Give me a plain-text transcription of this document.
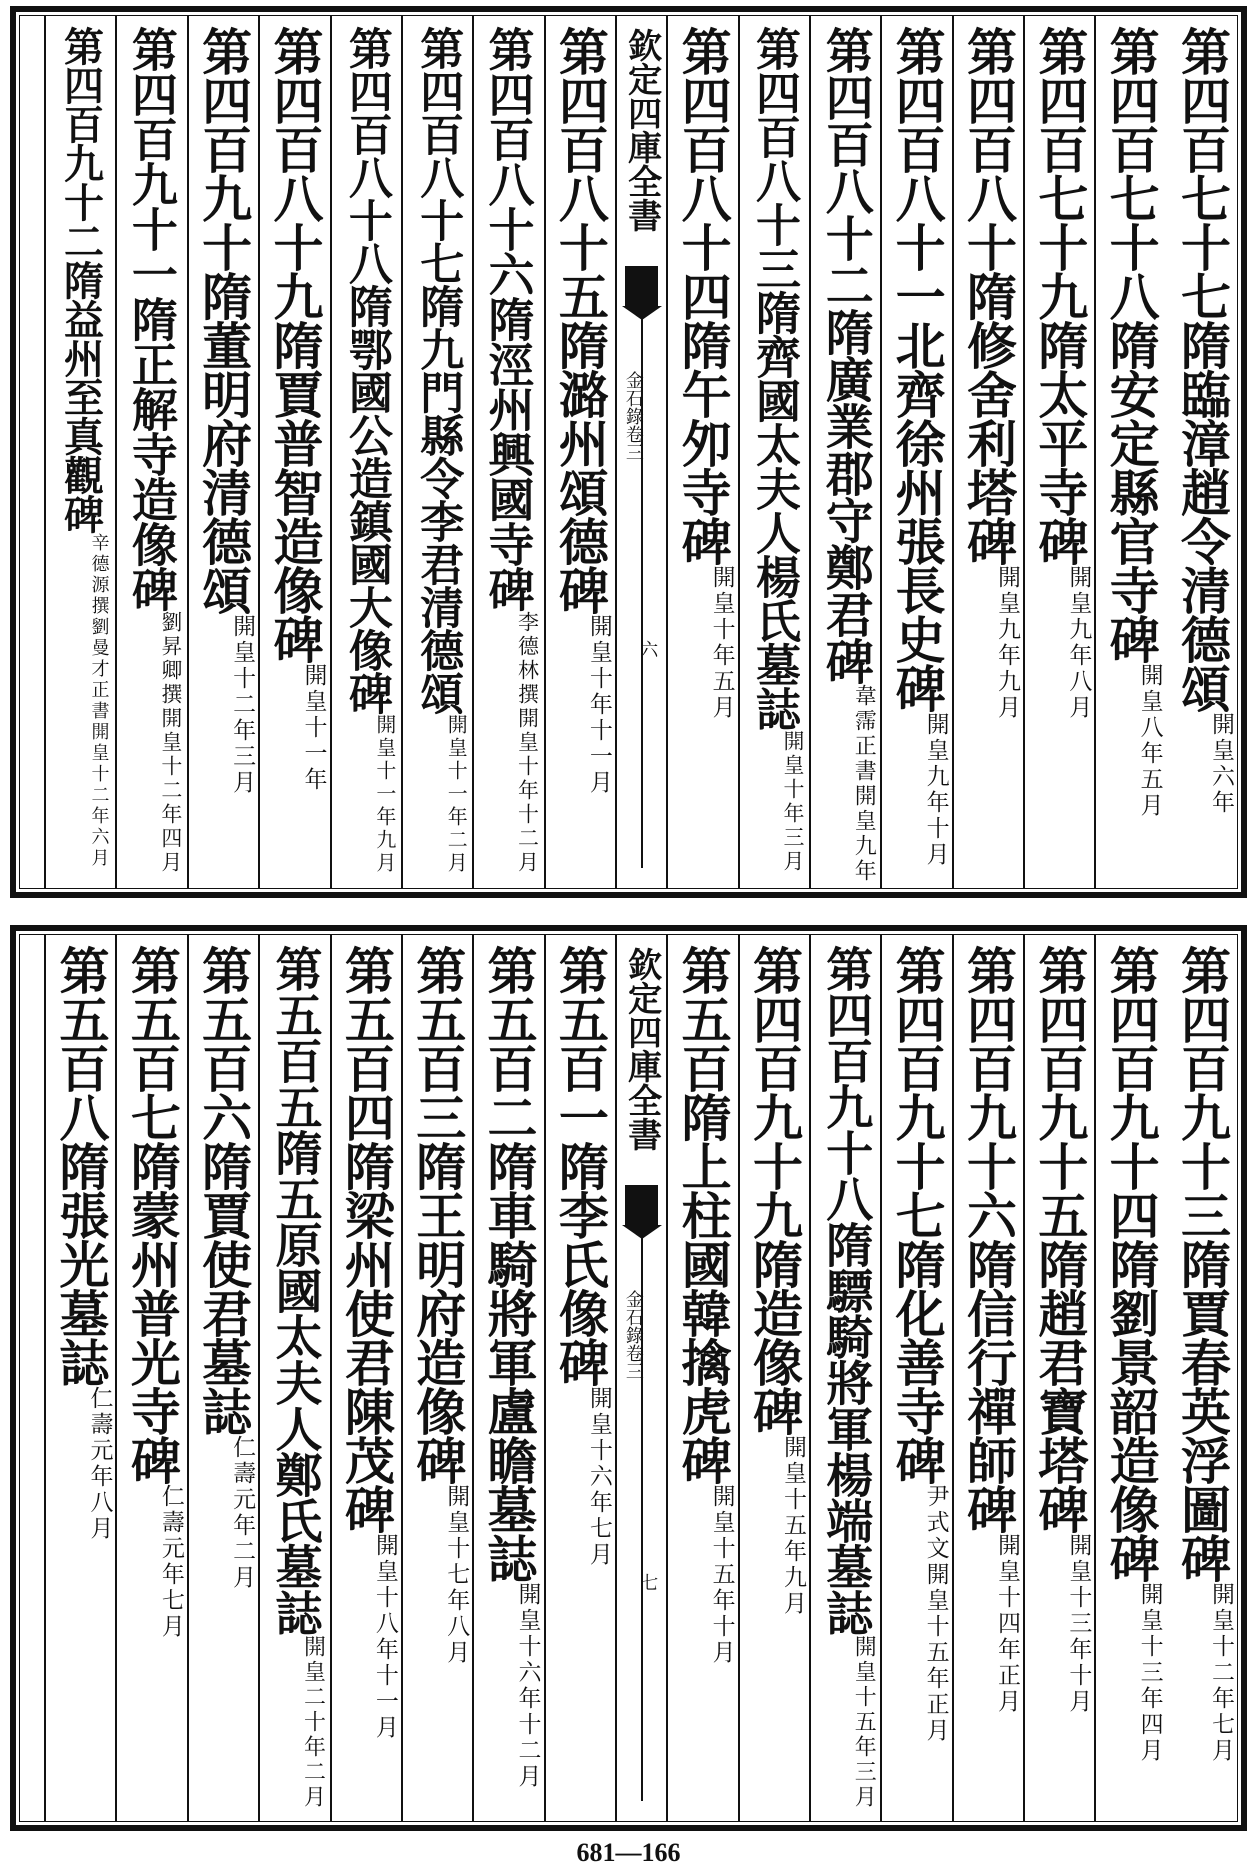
第四百七十七隋臨漳趙令清德頌開皇六年
第四百七十八隋安定縣官寺碑開皇八年五月
第四百七十九隋太平寺碑開皇九年八月
第四百八十隋修舍利塔碑開皇九年九月
第四百八十一北齊徐州張長史碑開皇九年十月
第四百八十二隋廣業郡守鄭君碑韋霈正書開皇九年
第四百八十三隋齊國太夫人楊氏墓誌開皇十年三月
第四百八十四隋午夘寺碑開皇十年五月
欽定四庫全書
金石錄卷三
六
第四百八十五隋潞州頌德碑開皇十年十一月
第四百八十六隋涇州興國寺碑李德林撰開皇十年十二月
第四百八十七隋九門縣令李君清德頌開皇十一年二月
第四百八十八隋鄂國公造鎮國大像碑開皇十一年九月
第四百八十九隋賈普智造像碑開皇十一年
第四百九十隋董明府清德頌開皇十二年三月
第四百九十一隋正解寺造像碑劉昇卿撰開皇十二年四月
第四百九十二隋益州至真觀碑辛德源撰劉曼才正書開皇十二年六月
第四百九十三隋賈春英浮圖碑開皇十二年七月
第四百九十四隋劉景韶造像碑開皇十三年四月
第四百九十五隋趙君寶塔碑開皇十三年十月
第四百九十六隋信行禪師碑開皇十四年正月
第四百九十七隋化善寺碑尹式文開皇十五年正月
第四百九十八隋驃騎將軍楊端墓誌開皇十五年三月
第四百九十九隋造像碑開皇十五年九月
第五百隋上柱國韓擒虎碑開皇十五年十月
欽定四庫全書
金石錄卷三
七
第五百一隋李氏像碑開皇十六年七月
第五百二隋車騎將軍盧瞻墓誌開皇十六年十二月
第五百三隋王明府造像碑開皇十七年八月
第五百四隋梁州使君陳茂碑開皇十八年十一月
第五百五隋五原國太夫人鄭氏墓誌開皇二十年二月
第五百六隋賈使君墓誌仁壽元年二月
第五百七隋蒙州普光寺碑仁壽元年七月
第五百八隋張光墓誌仁壽元年八月
681—166
